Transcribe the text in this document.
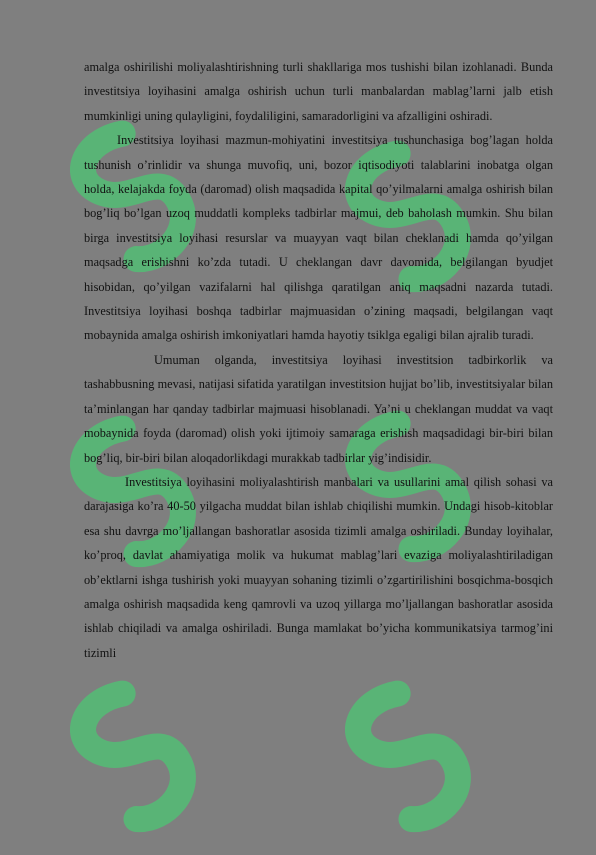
amalga oshirilishi moliyalashtirishning turli shakllariga mos tushishi bilan izohlanadi. Bunda investitsiya loyihasini amalga oshirish uchun turli manbalardan mablag’larni jalb etish mumkinligi uning qulayligini, foydaliligini, samaradorligini va afzalligini oshiradi.

Investitsiya loyihasi mazmun-mohiyatini investitsiya tushunchasiga bog’lagan holda tushunish o’rinlidir va shunga muvofiq, uni, bozor iqtisodiyoti talablarini inobatga olgan holda, kelajakda foyda (daromad) olish maqsadida kapital qo’yilmalarni amalga oshirish bilan bog’liq bo’lgan uzoq muddatli kompleks tadbirlar majmui, deb baholash mumkin. Shu bilan birga investitsiya loyihasi resurslar va muayyan vaqt bilan cheklanadi hamda qo’yilgan maqsadga erishishni ko’zda tutadi. U cheklangan davr davomida, belgilangan byudjet hisobidan, qo’yilgan vazifalarni hal qilishga qaratilgan aniq maqsadni nazarda tutadi. Investitsiya loyihasi boshqa tadbirlar majmuasidan o’zining maqsadi, belgilangan vaqt mobaynida amalga oshirish imkoniyatlari hamda hayotiy tsiklga egaligi bilan ajralib turadi.

Umuman olganda, investitsiya loyihasi investitsion tadbirkorlik va tashabbusning mevasi, natijasi sifatida yaratilgan investitsion hujjat bo’lib, investitsiyalar bilan ta’minlangan har qanday tadbirlar majmuasi hisoblanadi. Ya’ni u cheklangan muddat va vaqt mobaynida foyda (daromad) olish yoki ijtimoiy samaraga erishish maqsadidagi bir-biri bilan bog’liq, bir-biri bilan aloqadorlikdagi murakkab tadbirlar yig’indisidir.

Investitsiya loyihasini moliyalashtirish manbalari va usullarini amal qilish sohasi va darajasiga ko’ra 40-50 yilgacha muddat bilan ishlab chiqilishi mumkin. Undagi hisob-kitoblar esa shu davrga mo’ljallangan bashoratlar asosida tizimli amalga oshiriladi. Bunday loyihalar, ko’proq, davlat ahamiyatiga molik va hukumat mablag’lari evaziga moliyalashtiriladigan ob’ektlarni ishga tushirish yoki muayyan sohaning tizimli o’zgartirilishini bosqichma-bosqich amalga oshirish maqsadida keng qamrovli va uzoq yillarga mo’ljallangan bashoratlar asosida ishlab chiqiladi va amalga oshiriladi. Bunga mamlakat bo’yicha kommunikatsiya tarmog’ini tizimli
